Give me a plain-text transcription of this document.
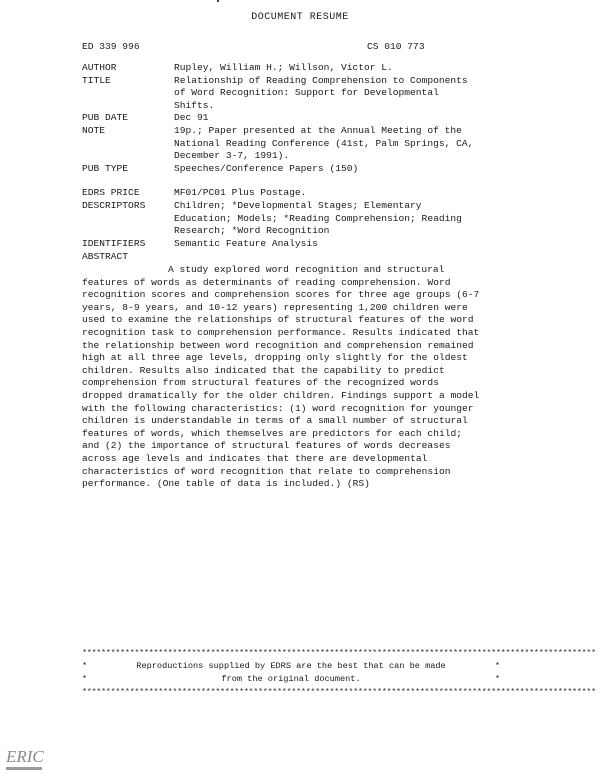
DOCUMENT RESUME
ED 339 996	CS 010 773
AUTHOR	Rupley, William H.; Willson, Victor L.
TITLE	Relationship of Reading Comprehension to Components
of Word Recognition: Support for Developmental
Shifts.
PUB DATE	Dec 91
NOTE	19p.; Paper presented at the Annual Meeting of the
National Reading Conference (41st, Palm Springs, CA,
December 3-7, 1991).
PUB TYPE	Speeches/Conference Papers (150)
EDRS PRICE	MF01/PC01 Plus Postage.
DESCRIPTORS	Children; *Developmental Stages; Elementary
Education; Models; *Reading Comprehension; Reading
Research; *Word Recognition
IDENTIFIERS	Semantic Feature Analysis
ABSTRACT
A study explored word recognition and structural
features of words as determinants of reading comprehension. Word
recognition scores and comprehension scores for three age groups (6-7
years, 8-9 years, and 10-12 years) representing 1,200 children were
used to examine the relationships of structural features of the word
recognition task to comprehension performance. Results indicated that
the relationship between word recognition and comprehension remained
high at all three age levels, dropping only slightly for the oldest
children. Results also indicated that the capability to predict
comprehension from structural features of the recognized words
dropped dramatically for the older children. Findings support a model
with the following characteristics: (1) word recognition for younger
children is understandable in terms of a small number of structural
features of words, which themselves are predictors for each child;
and (2) the importance of structural features of words decreases
across age levels and indicates that there are developmental
characteristics of word recognition that relate to comprehension
performance. (One table of data is included.) (RS)
************************************************************************************************************
*	Reproductions supplied by EDRS are the best that can be made	*
*	from the original document.	*
************************************************************************************************************
ERIC
